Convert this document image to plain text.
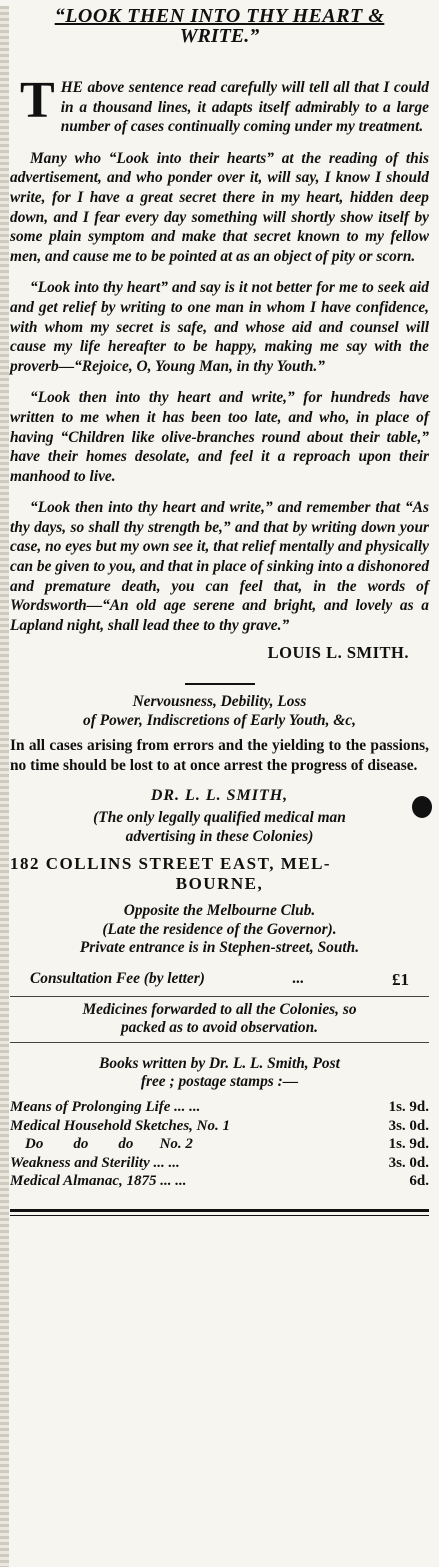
“LOOK THEN INTO THY HEART &
WRITE.”

T HE above sentence read carefully will tell all that I could in a thousand lines, it adapts itself admirably to a large number of cases continually coming under my treatment.

Many who “Look into their hearts” at the reading of this advertisement, and who ponder over it, will say, I know I should write, for I have a great secret there in my heart, hidden deep down, and I fear every day something will shortly show itself by some plain symptom and make that secret known to my fellow men, and cause me to be pointed at as an object of pity or scorn.

“Look into thy heart” and say is it not better for me to seek aid and get relief by writing to one man in whom I have confidence, with whom my secret is safe, and whose aid and counsel will cause my life hereafter to be happy, making me say with the proverb—“Rejoice, O, Young Man, in thy Youth.”

“Look then into thy heart and write,” for hundreds have written to me when it has been too late, and who, in place of having “Children like olive-branches round about their table,” have their homes desolate, and feel it a reproach upon their manhood to live.

“Look then into thy heart and write,” and remember that “As thy days, so shall thy strength be,” and that by writing down your case, no eyes but my own see it, that relief mentally and physically can be given to you, and that in place of sinking into a dishonored and premature death, you can feel that, in the words of Wordsworth—“An old age serene and bright, and lovely as a Lapland night, shall lead thee to thy grave.”

LOUIS L. SMITH.

Nervousness, Debility, Loss

of Power, Indiscretions of Early Youth, &c,

In all cases arising from errors and the yielding to the passions, no time should be lost to at once arrest the progress of disease.

DR. L. L. SMITH,

(The only legally qualified medical man

advertising in these Colonies)

182 COLLINS STREET EAST, MEL-
BOURNE,

Opposite the Melbourne Club.

(Late the residence of the Governor).

Private entrance is in Stephen-street, South.

Consultation Fee (by letter)	...	£1

Medicines forwarded to all the Colonies, so

packed as to avoid observation.

Books written by Dr. L. L. Smith, Post

free ; postage stamps :—

Means of Prolonging Life ... ...	1s. 9d.
Medical Household Sketches, No. 1	3s. 0d.
Do        do        do       No. 2	1s. 9d.
Weakness and Sterility ... ...	3s. 0d.
Medical Almanac, 1875 ... ...	6d.
